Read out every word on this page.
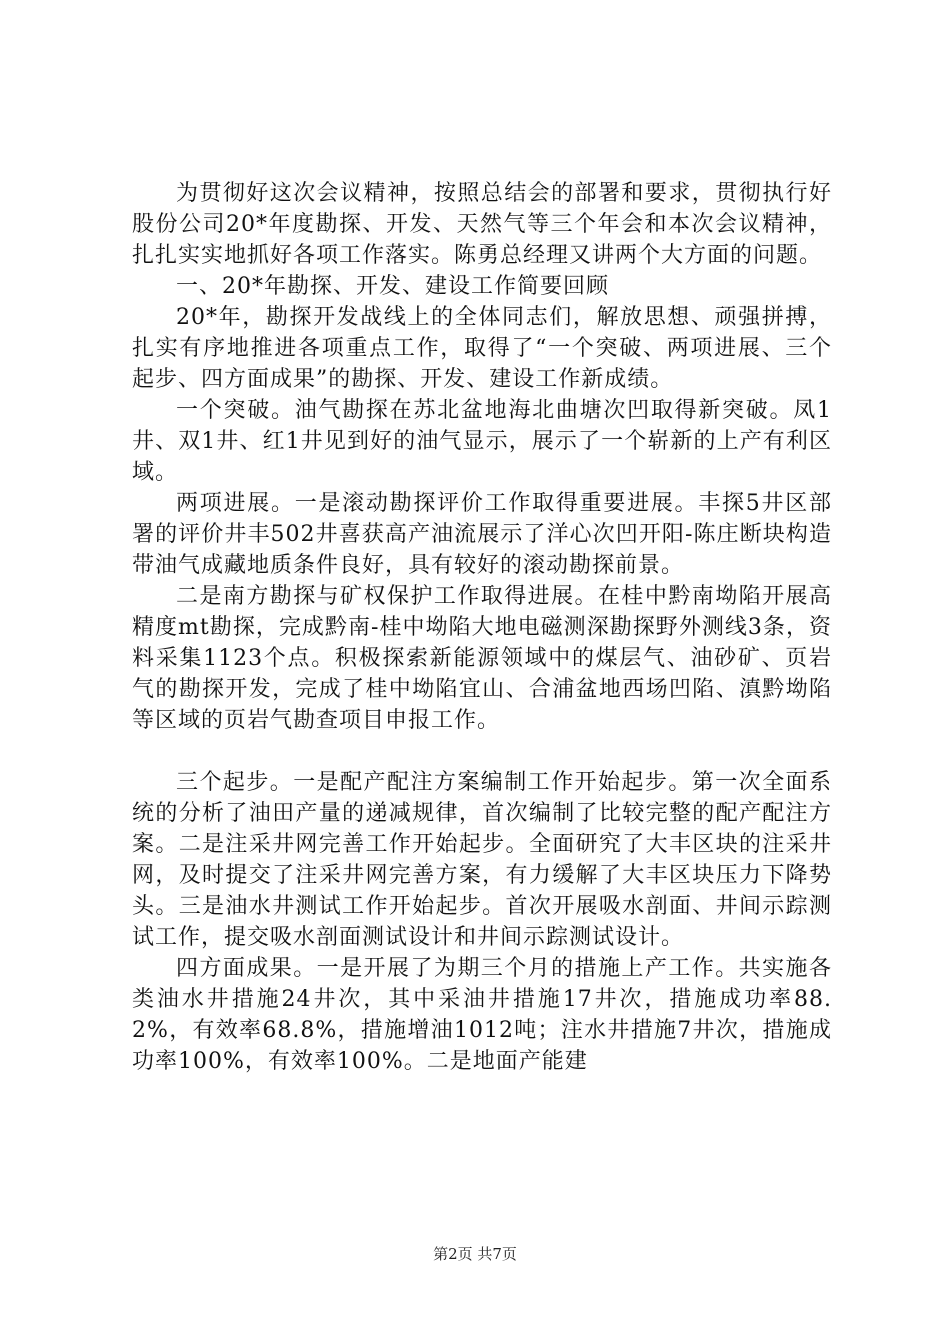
为贯彻好这次会议精神，按照总结会的部署和要求，贯彻执行好股份公司20*年度勘探、开发、天然气等三个年会和本次会议精神，扎扎实实地抓好各项工作落实。陈勇总经理又讲两个大方面的问题。

一、20*年勘探、开发、建设工作简要回顾

20*年，勘探开发战线上的全体同志们，解放思想、顽强拼搏，扎实有序地推进各项重点工作，取得了“一个突破、两项进展、三个起步、四方面成果”的勘探、开发、建设工作新成绩。

一个突破。油气勘探在苏北盆地海北曲塘次凹取得新突破。凤1井、双1井、红1井见到好的油气显示，展示了一个崭新的上产有利区域。

两项进展。一是滚动勘探评价工作取得重要进展。丰探5井区部署的评价井丰502井喜获高产油流展示了洋心次凹开阳-陈庄断块构造带油气成藏地质条件良好，具有较好的滚动勘探前景。

二是南方勘探与矿权保护工作取得进展。在桂中黔南坳陷开展高精度mt勘探，完成黔南-桂中坳陷大地电磁测深勘探野外测线3条，资料采集1123个点。积极探索新能源领域中的煤层气、油砂矿、页岩气的勘探开发，完成了桂中坳陷宜山、合浦盆地西场凹陷、滇黔坳陷等区域的页岩气勘查项目申报工作。

三个起步。一是配产配注方案编制工作开始起步。第一次全面系统的分析了油田产量的递减规律，首次编制了比较完整的配产配注方案。二是注采井网完善工作开始起步。全面研究了大丰区块的注采井网，及时提交了注采井网完善方案，有力缓解了大丰区块压力下降势头。三是油水井测试工作开始起步。首次开展吸水剖面、井间示踪测试工作，提交吸水剖面测试设计和井间示踪测试设计。

四方面成果。一是开展了为期三个月的措施上产工作。共实施各类油水井措施24井次，其中采油井措施17井次，措施成功率88.2%，有效率68.8%，措施增油1012吨；注水井措施7井次，措施成功率100%，有效率100%。二是地面产能建

第2页 共7页
